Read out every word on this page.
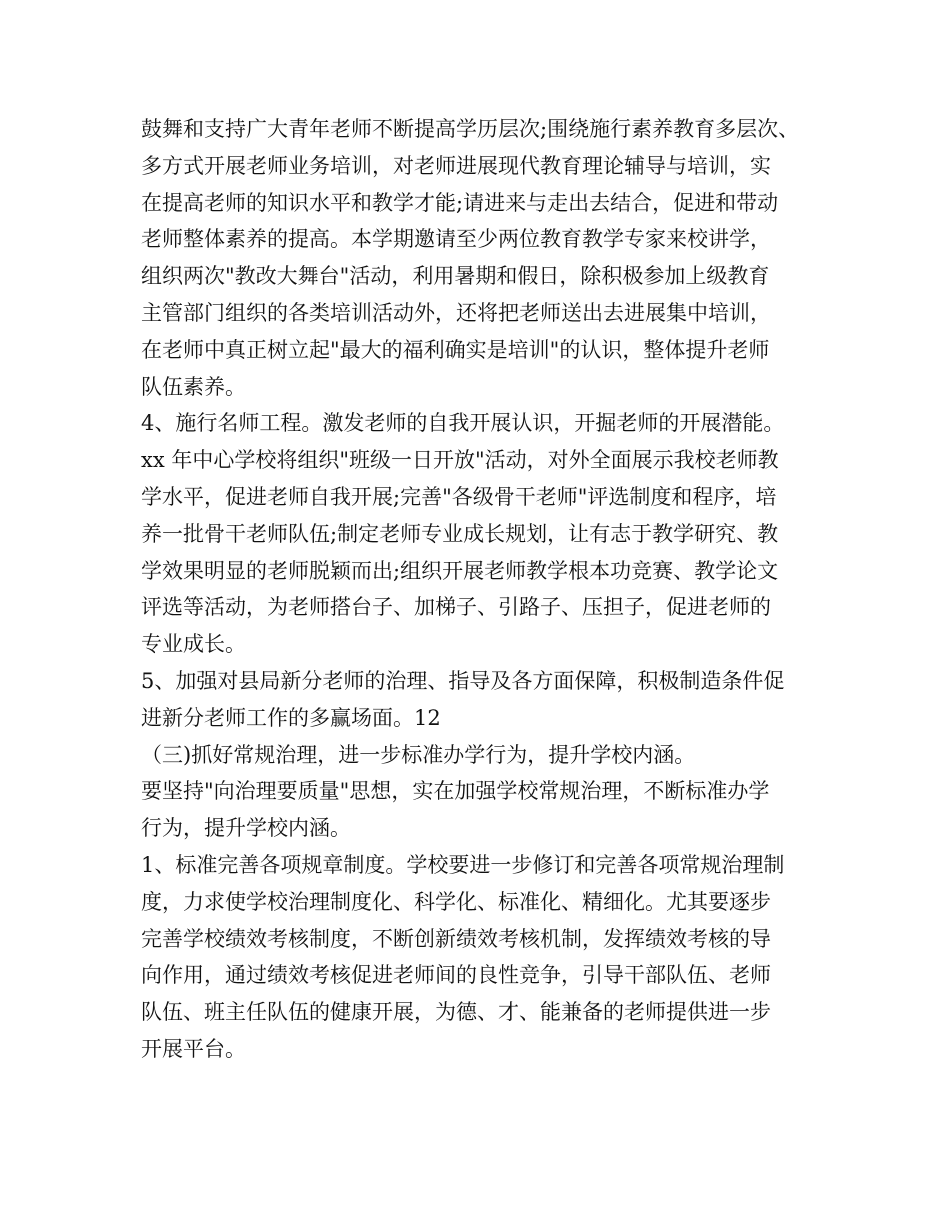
鼓舞和支持广大青年老师不断提高学历层次;围绕施行素养教育多层次、
多方式开展老师业务培训，对老师进展现代教育理论辅导与培训，实
在提高老师的知识水平和教学才能;请进来与走出去结合，促进和带动
老师整体素养的提高。本学期邀请至少两位教育教学专家来校讲学，
组织两次"教改大舞台"活动，利用暑期和假日，除积极参加上级教育
主管部门组织的各类培训活动外，还将把老师送出去进展集中培训，
在老师中真正树立起"最大的福利确实是培训"的认识，整体提升老师
队伍素养。
4、施行名师工程。激发老师的自我开展认识，开掘老师的开展潜能。
xx 年中心学校将组织"班级一日开放"活动，对外全面展示我校老师教
学水平，促进老师自我开展;完善"各级骨干老师"评选制度和程序，培
养一批骨干老师队伍;制定老师专业成长规划，让有志于教学研究、教
学效果明显的老师脱颖而出;组织开展老师教学根本功竞赛、教学论文
评选等活动，为老师搭台子、加梯子、引路子、压担子，促进老师的
专业成长。
5、加强对县局新分老师的治理、指导及各方面保障，积极制造条件促
进新分老师工作的多赢场面。12
（三)抓好常规治理，进一步标准办学行为，提升学校内涵。
要坚持"向治理要质量"思想，实在加强学校常规治理，不断标准办学
行为，提升学校内涵。
1、标准完善各项规章制度。学校要进一步修订和完善各项常规治理制
度，力求使学校治理制度化、科学化、标准化、精细化。尤其要逐步
完善学校绩效考核制度，不断创新绩效考核机制，发挥绩效考核的导
向作用，通过绩效考核促进老师间的良性竞争，引导干部队伍、老师
队伍、班主任队伍的健康开展，为德、才、能兼备的老师提供进一步
开展平台。
